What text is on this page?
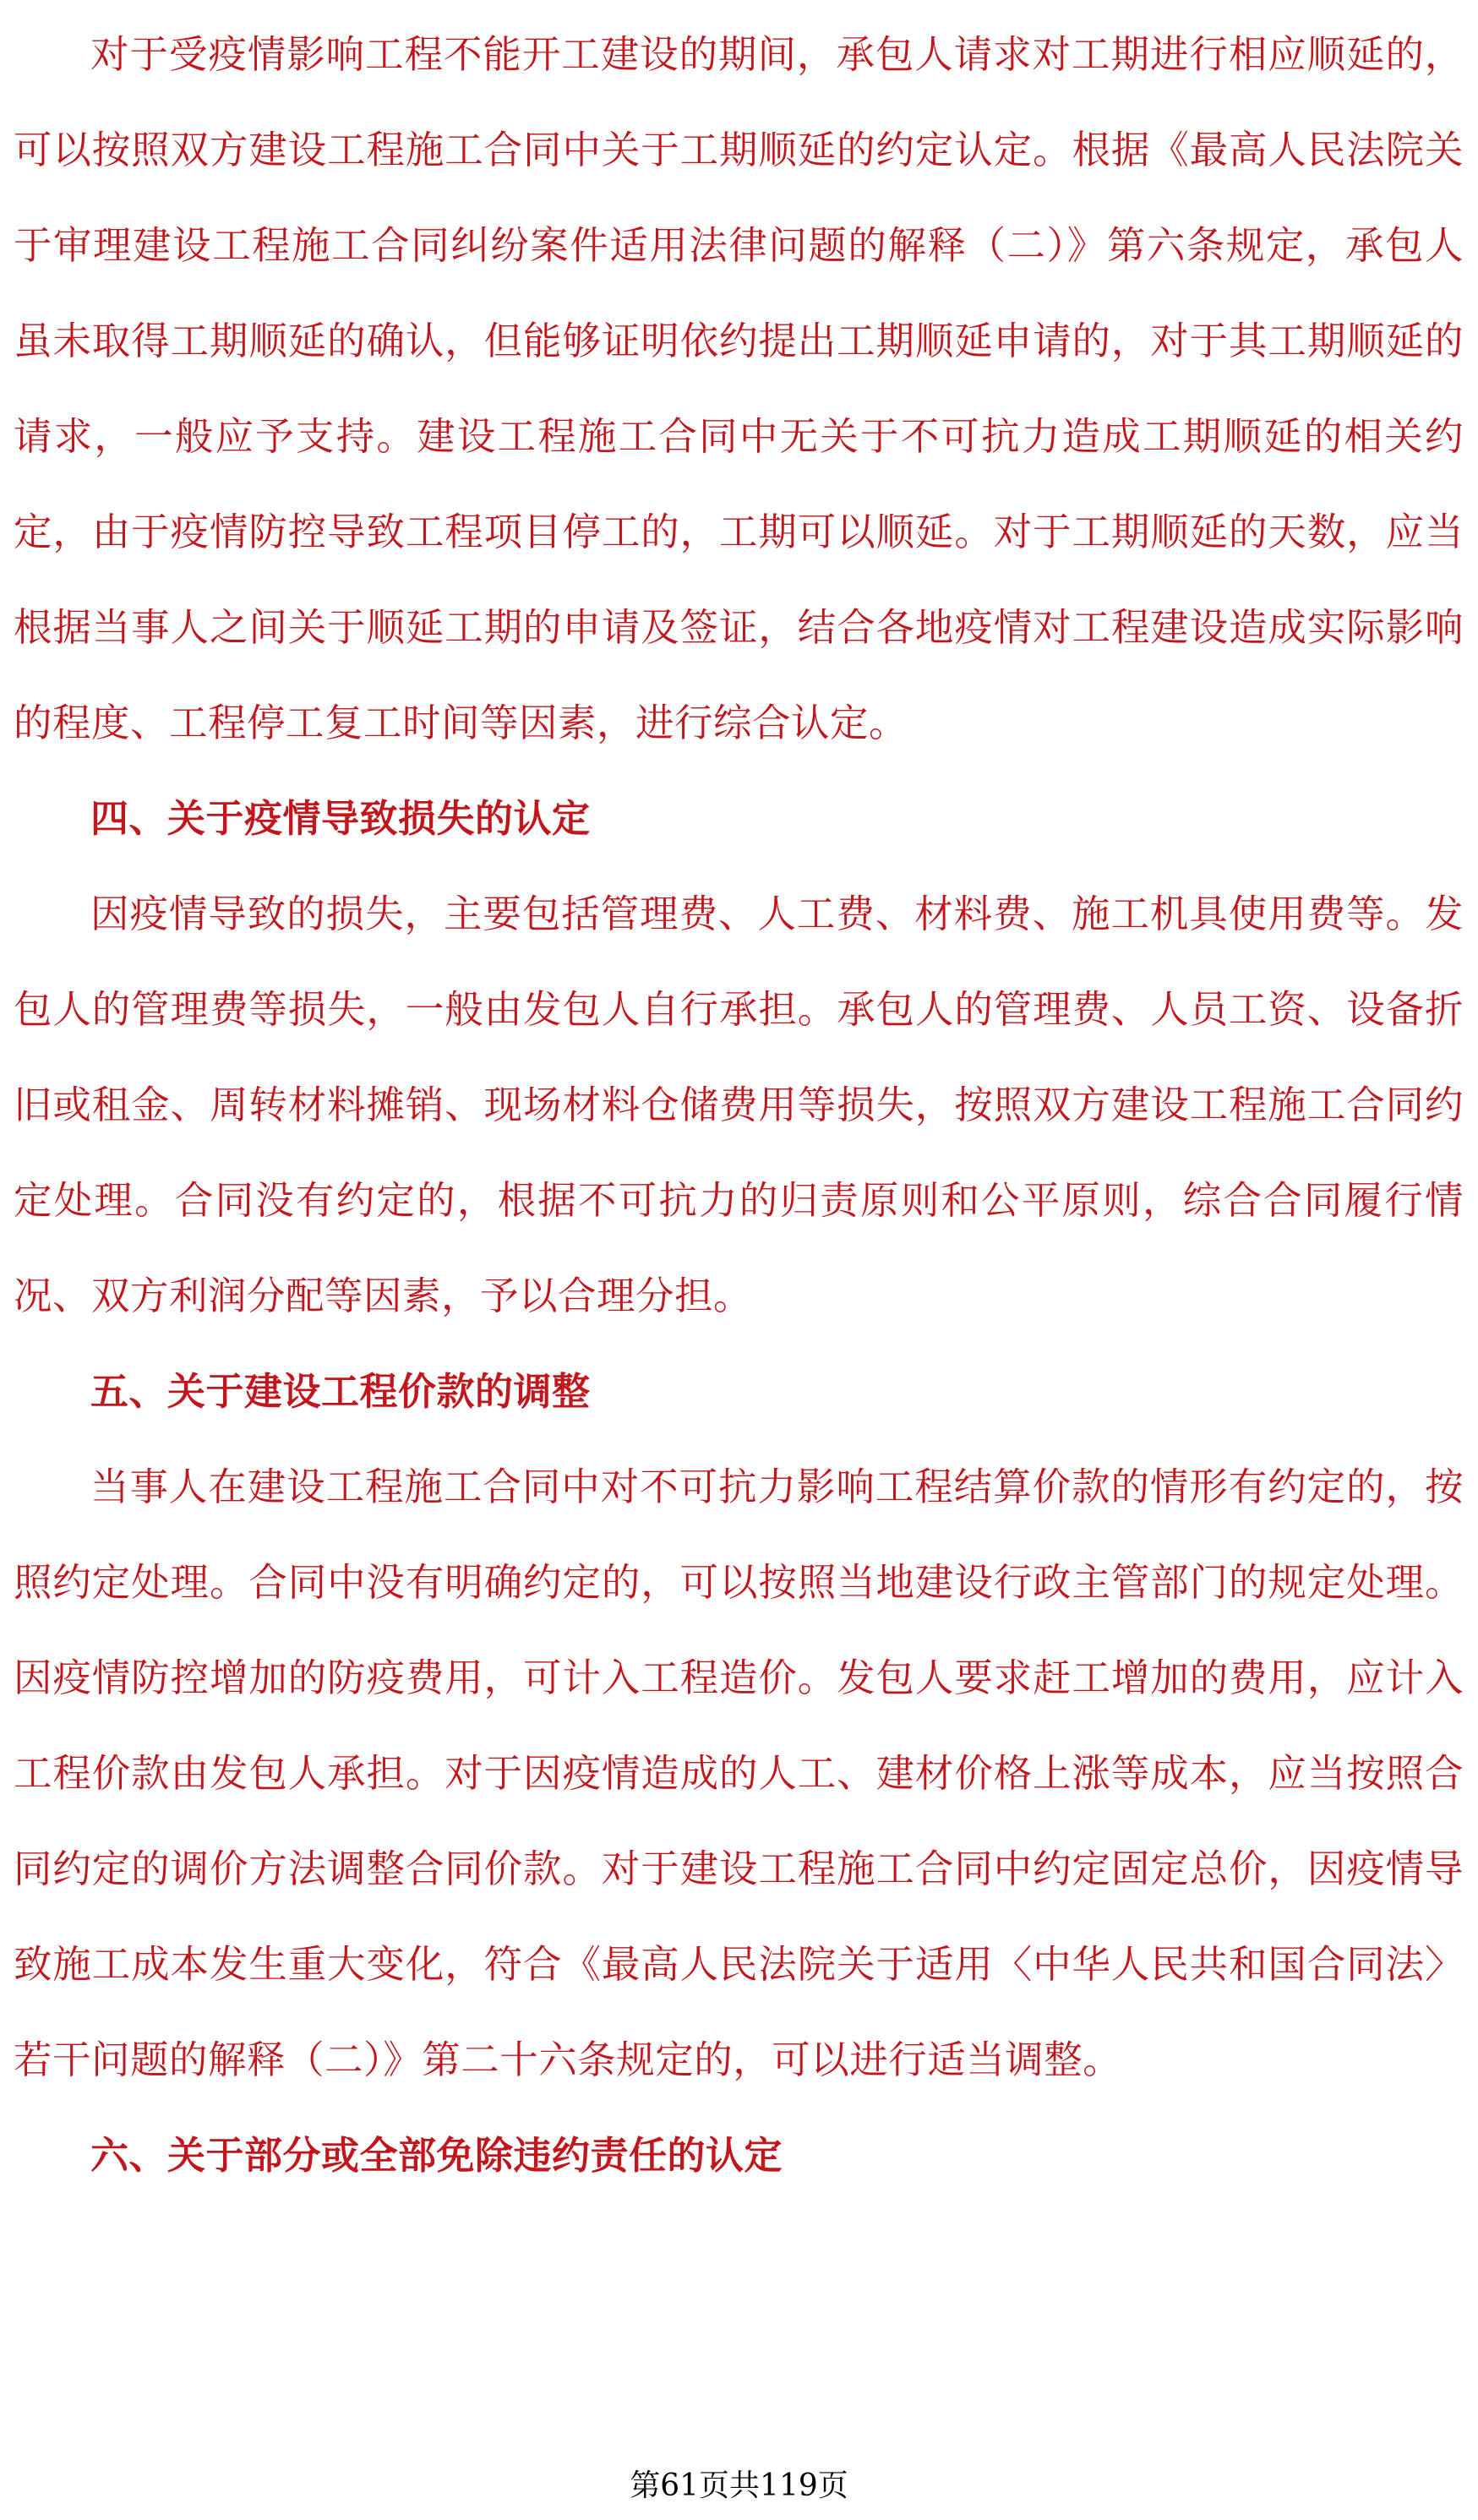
对于受疫情影响工程不能开工建设的期间，承包人请求对工期进行相应顺延的，可以按照双方建设工程施工合同中关于工期顺延的约定认定。根据《最高人民法院关于审理建设工程施工合同纠纷案件适用法律问题的解释（二）》第六条规定，承包人虽未取得工期顺延的确认，但能够证明依约提出工期顺延申请的，对于其工期顺延的请求，一般应予支持。建设工程施工合同中无关于不可抗力造成工期顺延的相关约定，由于疫情防控导致工程项目停工的，工期可以顺延。对于工期顺延的天数，应当根据当事人之间关于顺延工期的申请及签证，结合各地疫情对工程建设造成实际影响的程度、工程停工复工时间等因素，进行综合认定。

四、关于疫情导致损失的认定

因疫情导致的损失，主要包括管理费、人工费、材料费、施工机具使用费等。发包人的管理费等损失，一般由发包人自行承担。承包人的管理费、人员工资、设备折旧或租金、周转材料摊销、现场材料仓储费用等损失，按照双方建设工程施工合同约定处理。合同没有约定的，根据不可抗力的归责原则和公平原则，综合合同履行情况、双方利润分配等因素，予以合理分担。

五、关于建设工程价款的调整

当事人在建设工程施工合同中对不可抗力影响工程结算价款的情形有约定的，按照约定处理。合同中没有明确约定的，可以按照当地建设行政主管部门的规定处理。因疫情防控增加的防疫费用，可计入工程造价。发包人要求赶工增加的费用，应计入工程价款由发包人承担。对于因疫情造成的人工、建材价格上涨等成本，应当按照合同约定的调价方法调整合同价款。对于建设工程施工合同中约定固定总价，因疫情导致施工成本发生重大变化，符合《最高人民法院关于适用〈中华人民共和国合同法〉若干问题的解释（二）》第二十六条规定的，可以进行适当调整。

六、关于部分或全部免除违约责任的认定

第61页共119页
